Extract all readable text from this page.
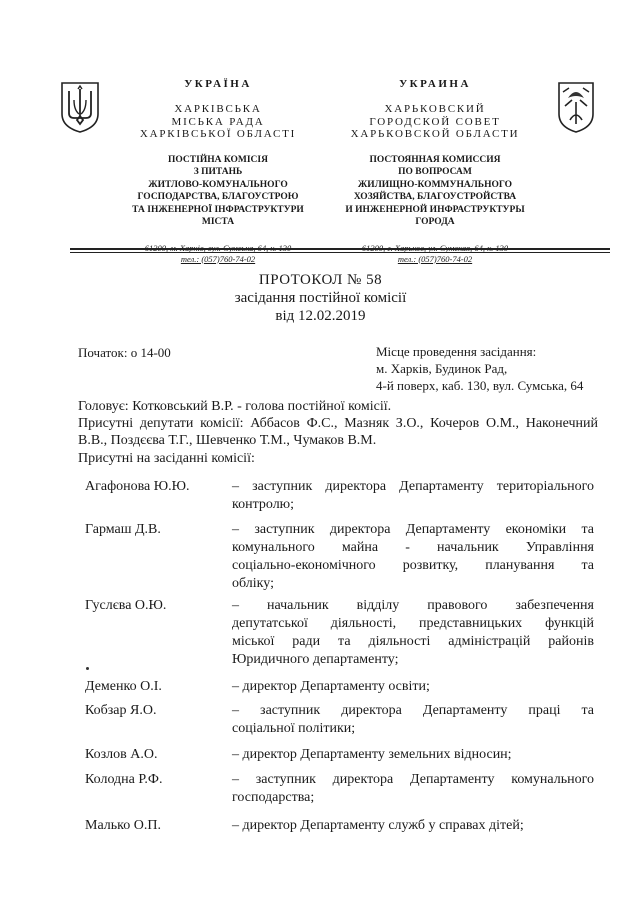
УКРАЇНА
ХАРКІВСЬКА
МІСЬКА РАДА
ХАРКІВСЬКОЇ ОБЛАСТІ
ПОСТІЙНА КОМІСІЯ
З ПИТАНЬ
ЖИТЛОВО-КОМУНАЛЬНОГО
ГОСПОДАРСТВА, БЛАГОУСТРОЮ
ТА ІНЖЕНЕРНОЇ ІНФРАСТРУКТУРИ
МІСТА
61200, м. Харків, вул. Сумська, 64, к. 130
тел.: (057)760-74-02
УКРАИНА
ХАРЬКОВСКИЙ
ГОРОДСКОЙ СОВЕТ
ХАРЬКОВСКОЙ ОБЛАСТИ
ПОСТОЯННАЯ КОМИССИЯ
ПО ВОПРОСАМ
ЖИЛИЩНО-КОММУНАЛЬНОГО
ХОЗЯЙСТВА, БЛАГОУСТРОЙСТВА
И ИНЖЕНЕРНОЙ ИНФРАСТРУКТУРЫ
ГОРОДА
61200, г. Харьков, ул. Сумская, 64, к. 130
тел.: (057)760-74-02
ПРОТОКОЛ № 58
засідання постійної комісії
від 12.02.2019
Початок: о 14-00	Місце проведення засідання:
м. Харків, Будинок Рад,
4-й поверх, каб. 130, вул. Сумська, 64
Головує: Котковський В.Р. - голова постійної комісії.
Присутні депутати комісії: Аббасов Ф.С., Мазняк З.О., Кочеров О.М., Наконечний В.В., Поздєєва Т.Г., Шевченко Т.М., Чумаков В.М.
Присутні на засіданні комісії:
Агафонова Ю.Ю.	– заступник директора Департаменту територіального
контролю;
Гармаш Д.В.	– заступник директора Департаменту економіки та
комунального майна - начальник Управління
соціально-економічного розвитку, планування та
обліку;
Гуслєва О.Ю.	– начальник відділу правового забезпечення
депутатської діяльності, представницьких функцій
міської ради та діяльності адміністрацій районів
Юридичного департаменту;
Деменко О.І.	– директор Департаменту освіти;
Кобзар Я.О.	– заступник директора Департаменту праці та
соціальної політики;
Козлов А.О.	– директор Департаменту земельних відносин;
Колодна Р.Ф.	– заступник директора Департаменту комунального
господарства;
Малько О.П.	– директор Департаменту служб у справах дітей;
